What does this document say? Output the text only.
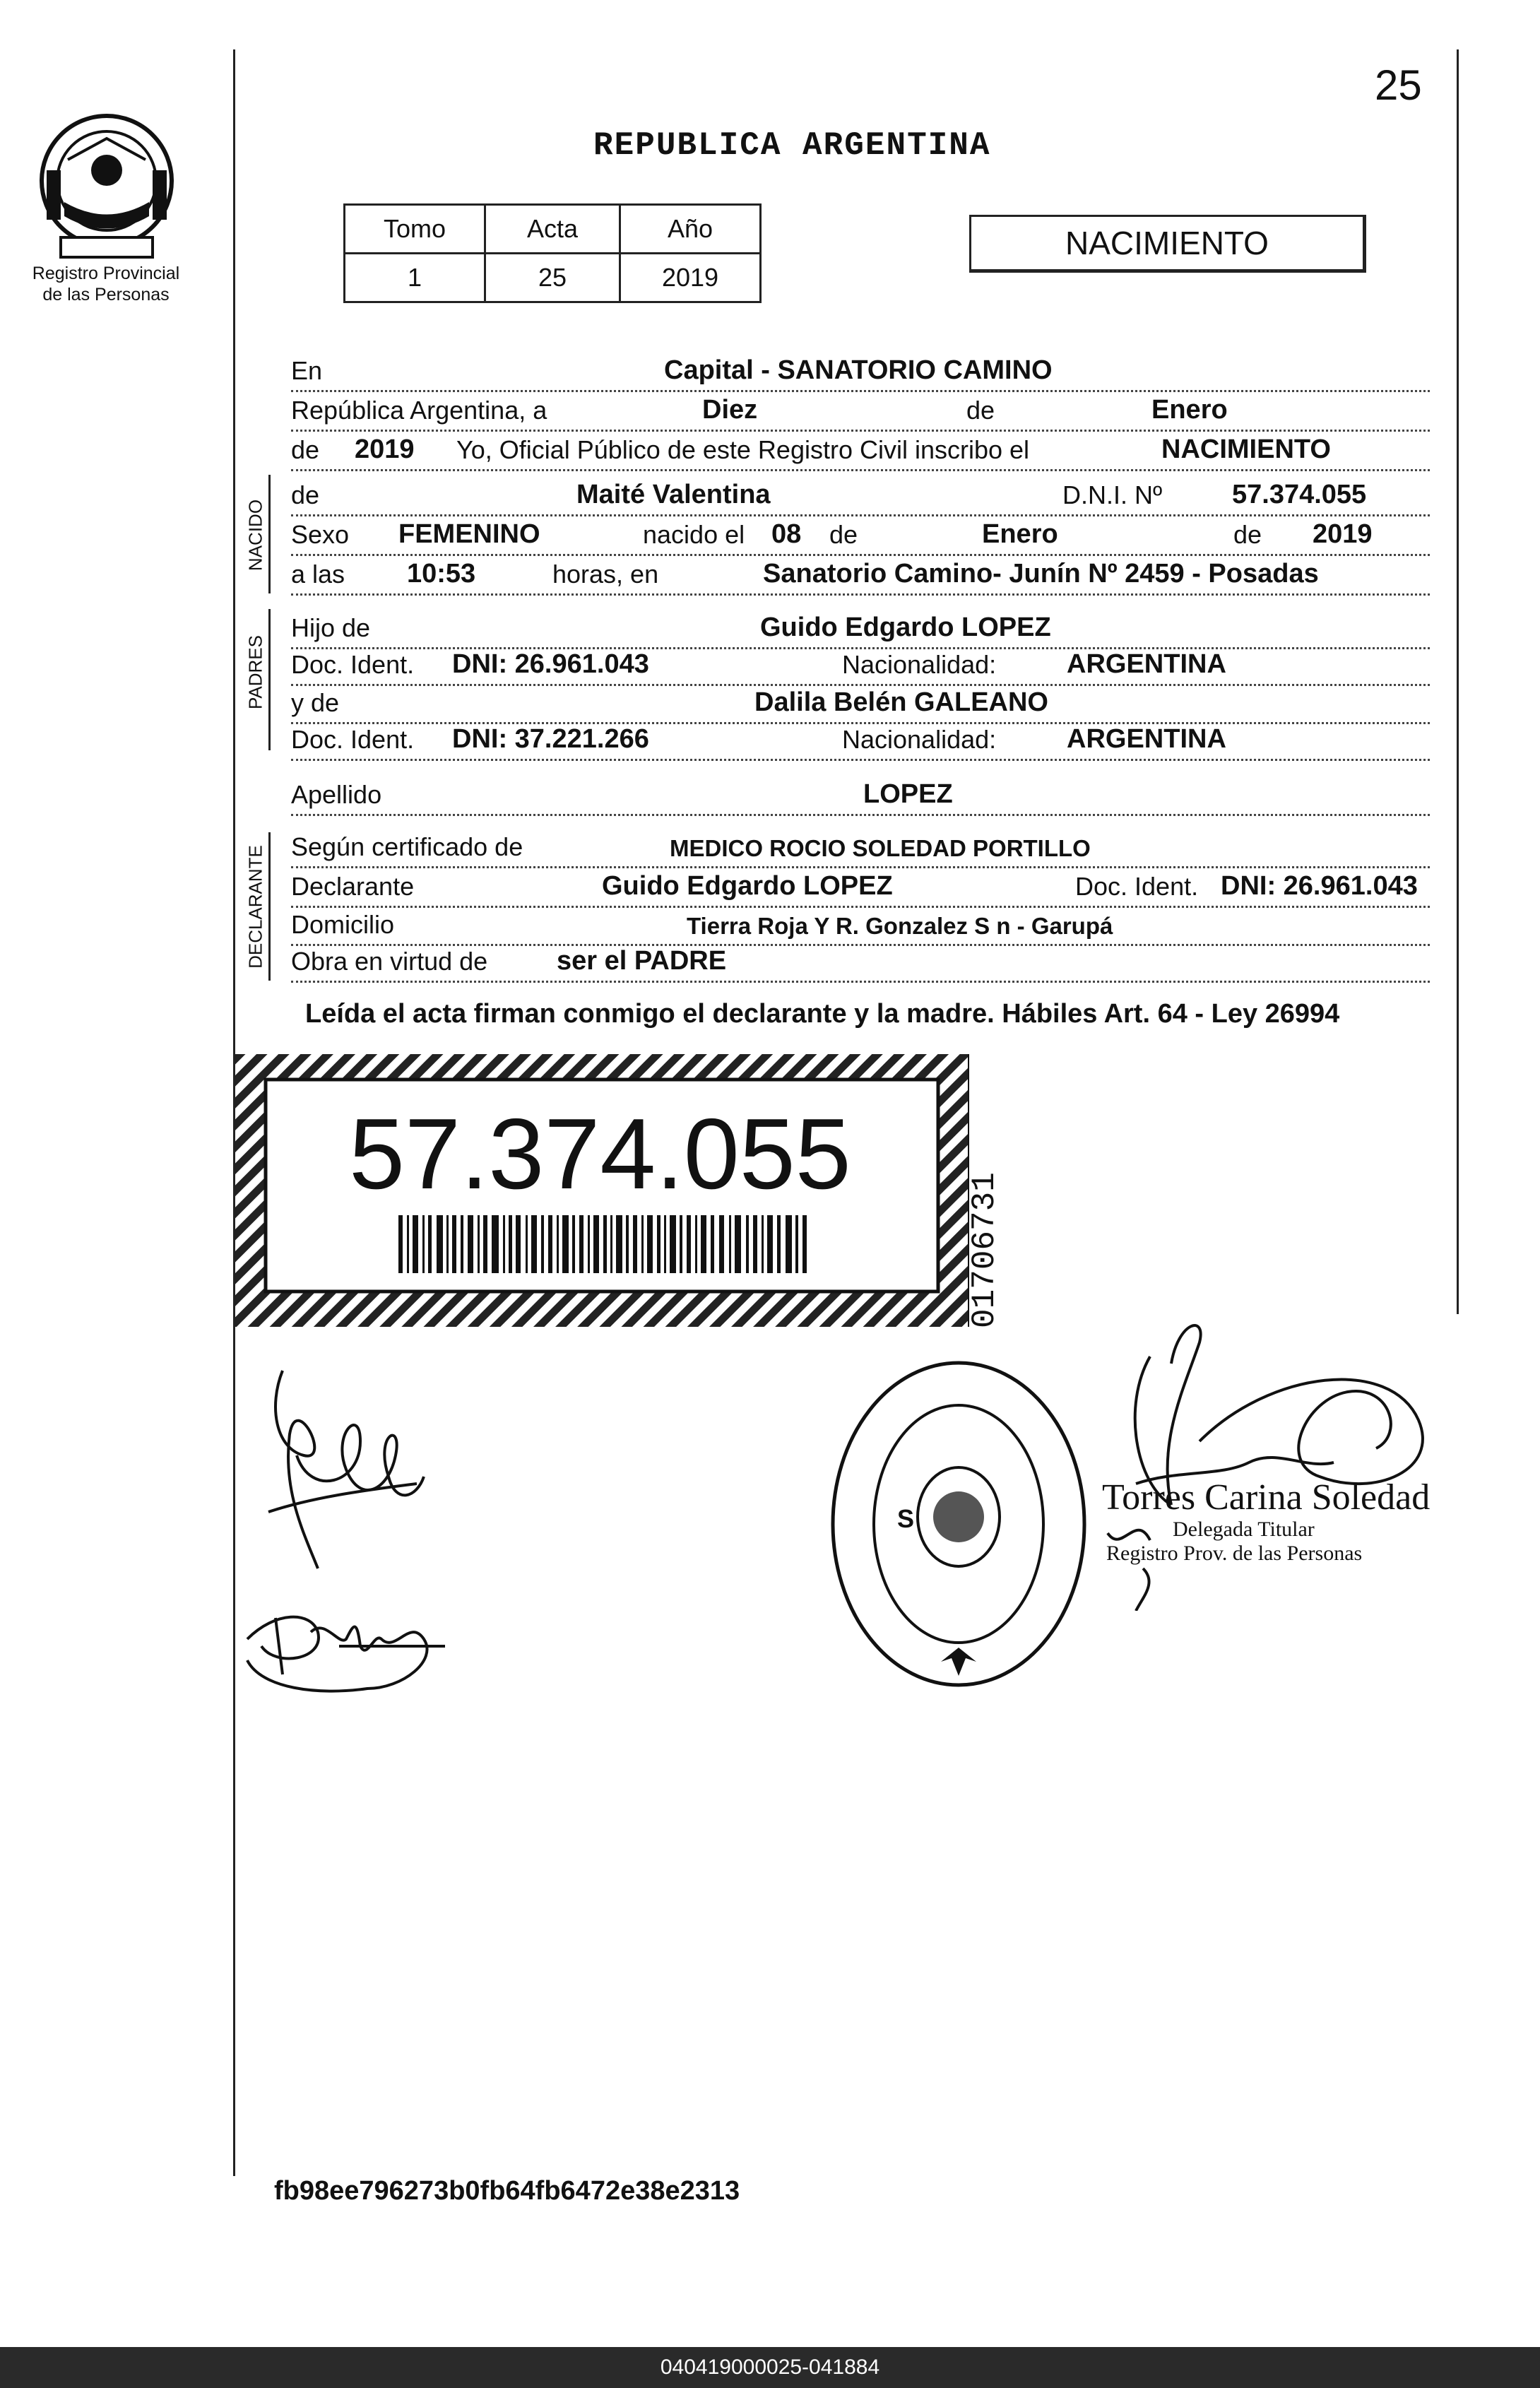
25
Registro Provincial
de las Personas
REPUBLICA ARGENTINA
Tomo	Acta	Año
1	25	2019
NACIMIENTO
En	Capital - SANATORIO CAMINO
República Argentina, a	Diez	de	Enero
de 2019 Yo, Oficial Público de este Registro Civil inscribo el	NACIMIENTO
NACIDO
de	Maité Valentina	D.N.I. Nº	57.374.055
Sexo FEMENINO	nacido el 08 de	Enero	de 2019
a las 10:53	horas, en	Sanatorio Camino- Junín Nº 2459 - Posadas
PADRES
Hijo de	Guido Edgardo LOPEZ
Doc. Ident. DNI: 26.961.043	Nacionalidad:	ARGENTINA
y de	Dalila Belén GALEANO
Doc. Ident. DNI: 37.221.266	Nacionalidad:	ARGENTINA
Apellido	LOPEZ
DECLARANTE Según certificado de	MEDICO ROCIO SOLEDAD PORTILLO
Declarante	Guido Edgardo LOPEZ	Doc. Ident. DNI: 26.961.043
Domicilio	Tierra Roja Y R. Gonzalez S n - Garupá
Obra en virtud de	ser el PADRE
Leída el acta firman conmigo el declarante y la madre. Hábiles Art. 64 - Ley 26994
57.374.055
01706731
S
Torres Carina Soledad
Delegada Titular
Registro Prov. de las Personas
fb98ee796273b0fb64fb6472e38e2313
040419000025-041884
